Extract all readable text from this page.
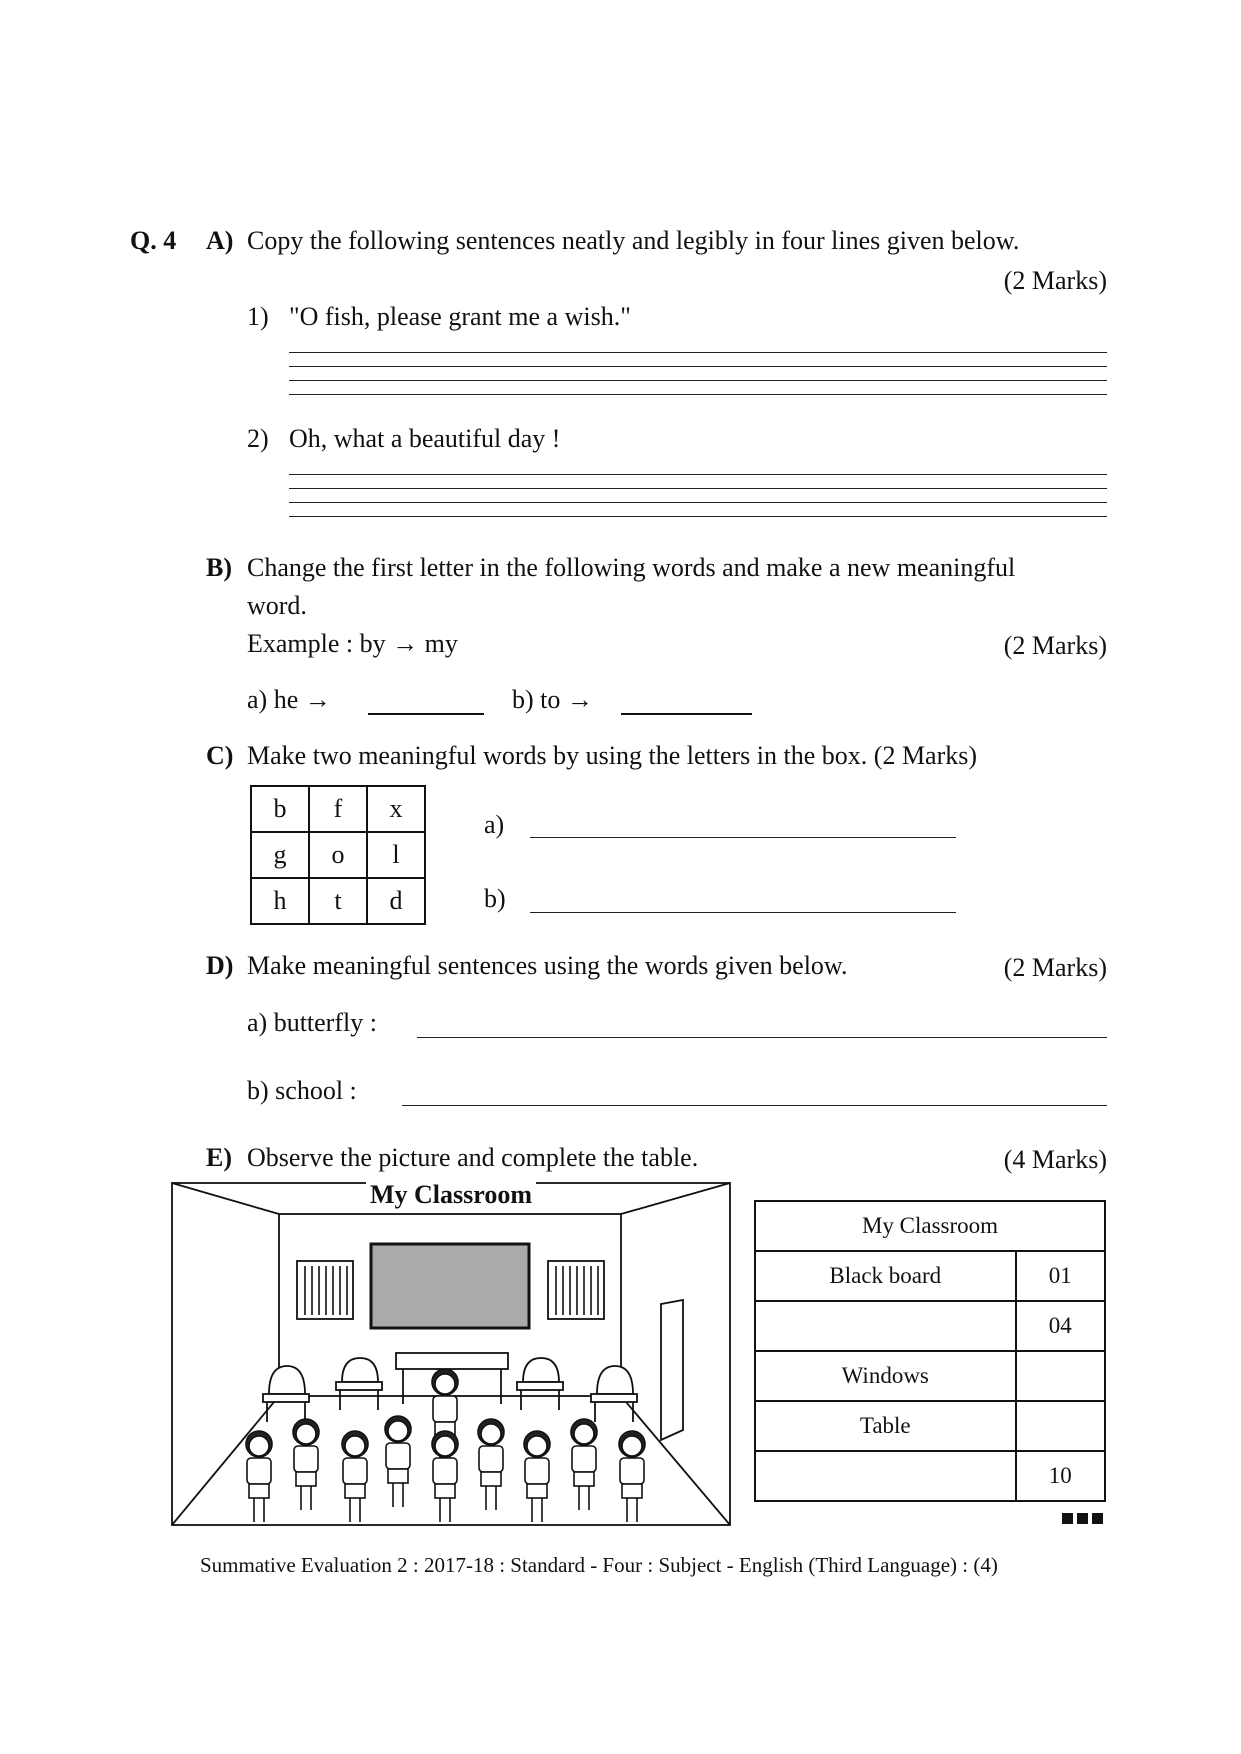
Q. 4 A) Copy the following sentences neatly and legibly in four lines given below.
(2 Marks)
1) "O fish, please grant me a wish."
2) Oh, what a beautiful day !
B) Change the first letter in the following words and make a new meaningful
word.
Example : by → my	(2 Marks)
a) he →	b) to →
C) Make two meaningful words by using the letters in the box. (2 Marks)
b	f	x
g	o	l
h	t	d
a)
b)
D) Make meaningful sentences using the words given below.	(2 Marks)
a) butterfly :
b) school :
E) Observe the picture and complete the table.	(4 Marks)
My Classroom
My Classroom	
Black board	01
	04
Windows	
Table	
	10
Summative Evaluation 2 : 2017-18 : Standard - Four : Subject - English (Third Language) : (4)
